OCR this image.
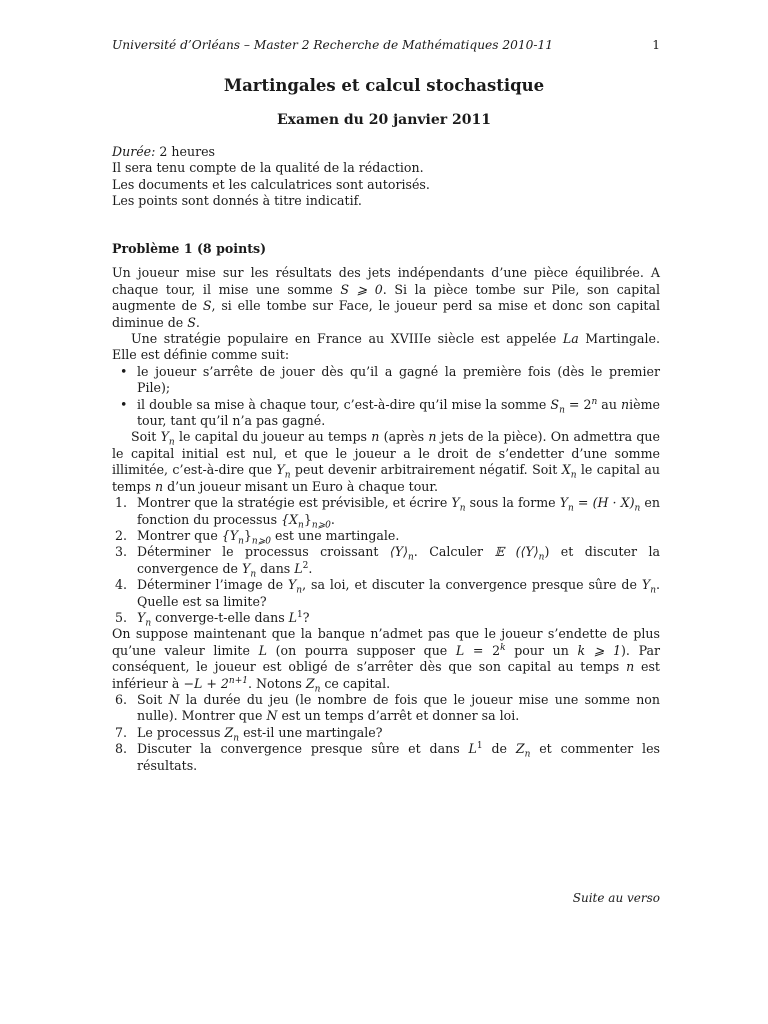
Université d’Orléans – Master 2 Recherche de Mathématiques 2010-11	1
Martingales et calcul stochastique
Examen du 20 janvier 2011
Durée: 2 heures
Il sera tenu compte de la qualité de la rédaction.
Les documents et les calculatrices sont autorisés.
Les points sont donnés à titre indicatif.
Problème 1 (8 points)

Un joueur mise sur les résultats des jets indépendants d’une pièce équilibrée. A chaque tour, il mise une somme S ⩾ 0. Si la pièce tombe sur Pile, son capital augmente de S, si elle tombe sur Face, le joueur perd sa mise et donc son capital diminue de S.

Une stratégie populaire en France au XVIIIe siècle est appelée La Martingale. Elle est définie comme suit:

• le joueur s’arrête de jouer dès qu’il a gagné la première fois (dès le premier Pile);
• il double sa mise à chaque tour, c’est-à-dire qu’il mise la somme $S_n = 2^n$ au nième tour, tant qu’il n’a pas gagné.

Soit $Y_n$ le capital du joueur au temps n (après n jets de la pièce). On admettra que le capital initial est nul, et que le joueur a le droit de s’endetter d’une somme illimitée, c’est-à-dire que $Y_n$ peut devenir arbitrairement négatif. Soit $X_n$ le capital au temps n d’un joueur misant un Euro à chaque tour.

1. Montrer que la stratégie est prévisible, et écrire $Y_n$ sous la forme $Y_n = (H \cdot X)_n$ en fonction du processus $\{X_n\}_{n⩾0}$.
2. Montrer que $\{Y_n\}_{n⩾0}$ est une martingale.
3. Déterminer le processus croissant $⟨Y⟩_n$. Calculer 𝔼 $(⟨Y⟩_n)$ et discuter la convergence de $Y_n$ dans $L^2$.
4. Déterminer l’image de $Y_n$, sa loi, et discuter la convergence presque sûre de $Y_n$. Quelle est sa limite?
5. $Y_n$ converge-t-elle dans $L^1$?

On suppose maintenant que la banque n’admet pas que le joueur s’endette de plus qu’une valeur limite L (on pourra supposer que $L = 2^k$ pour un k ⩾ 1). Par conséquent, le joueur est obligé de s’arrêter dès que son capital au temps n est inférieur à $-L + 2^{n+1}$. Notons $Z_n$ ce capital.

6. Soit N la durée du jeu (le nombre de fois que le joueur mise une somme non nulle). Montrer que N est un temps d’arrêt et donner sa loi.
7. Le processus $Z_n$ est-il une martingale?
8. Discuter la convergence presque sûre et dans $L^1$ de $Z_n$ et commenter les résultats.
Suite au verso
